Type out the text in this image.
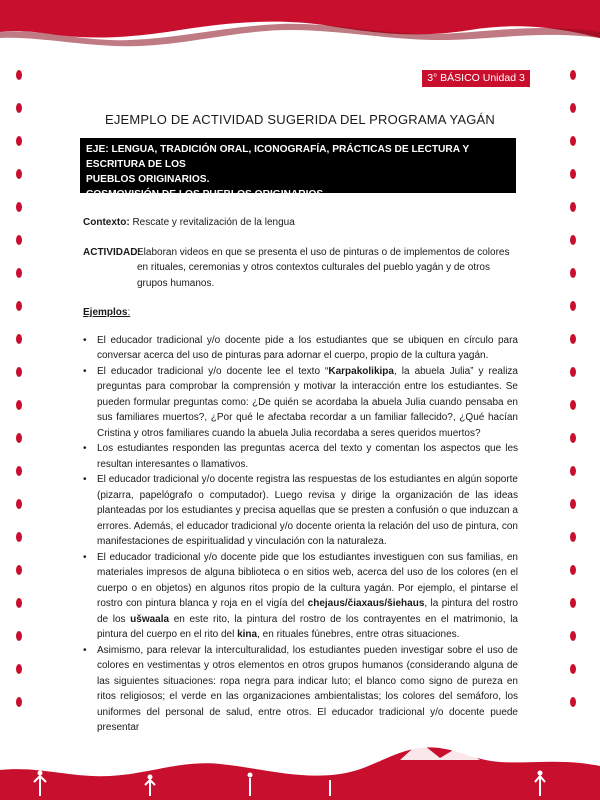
3° BÁSICO Unidad 3
EJEMPLO DE ACTIVIDAD SUGERIDA DEL PROGRAMA YAGÁN
EJE: LENGUA, TRADICIÓN ORAL, ICONOGRAFÍA, PRÁCTICAS DE LECTURA Y ESCRITURA DE LOS
PUEBLOS ORIGINARIOS.
COSMOVISIÓN DE LOS PUEBLOS ORIGINARIOS

Contexto: Rescate y revitalización de la lengua

ACTIVIDAD:
Elaboran videos en que se presenta el uso de pinturas o de implementos de colores en rituales, ceremonias y otros contextos culturales del pueblo yagán y de otros grupos humanos.

Ejemplos:

• El educador tradicional y/o docente pide a los estudiantes que se ubiquen en círculo para conversar acerca del uso de pinturas para adornar el cuerpo, propio de la cultura yagán.

• El educador tradicional y/o docente lee el texto “Karpakolikipa, la abuela Julia” y realiza preguntas para comprobar la comprensión y motivar la interacción entre los estudiantes. Se pueden formular preguntas como: ¿De quién se acordaba la abuela Julia cuando pensaba en sus familiares muertos?, ¿Por qué le afectaba recordar a un familiar fallecido?, ¿Qué hacían Cristina y otros familiares cuando la abuela Julia recordaba a seres queridos muertos?

• Los estudiantes responden las preguntas acerca del texto y comentan los aspectos que les resultan interesantes o llamativos.

• El educador tradicional y/o docente registra las respuestas de los estudiantes en algún soporte (pizarra, papelógrafo o computador). Luego revisa y dirige la organización de las ideas planteadas por los estudiantes y precisa aquellas que se presten a confusión o que induzcan a errores. Además, el educador tradicional y/o docente orienta la relación del uso de pintura, con manifestaciones de espiritualidad y vinculación con la naturaleza.

• El educador tradicional y/o docente pide que los estudiantes investiguen con sus familias, en materiales impresos de alguna biblioteca o en sitios web, acerca del uso de los colores (en el cuerpo o en objetos) en algunos ritos propio de la cultura yagán. Por ejemplo, el pintarse el rostro con pintura blanca y roja en el vigía del chejaus/čiaxaus/šiehaus, la pintura del rostro de los ušwaala en este rito, la pintura del rostro de los contrayentes en el matrimonio, la pintura del cuerpo en el rito del kina, en rituales fúnebres, entre otras situaciones.

• Asimismo, para relevar la interculturalidad, los estudiantes pueden investigar sobre el uso de colores en vestimentas y otros elementos en otros grupos humanos (considerando alguna de las siguientes situaciones: ropa negra para indicar luto; el blanco como signo de pureza en ritos religiosos; el verde en las organizaciones ambientalistas; los colores del semáforo, los uniformes del personal de salud, entre otros. El educador tradicional y/o docente puede presentar
